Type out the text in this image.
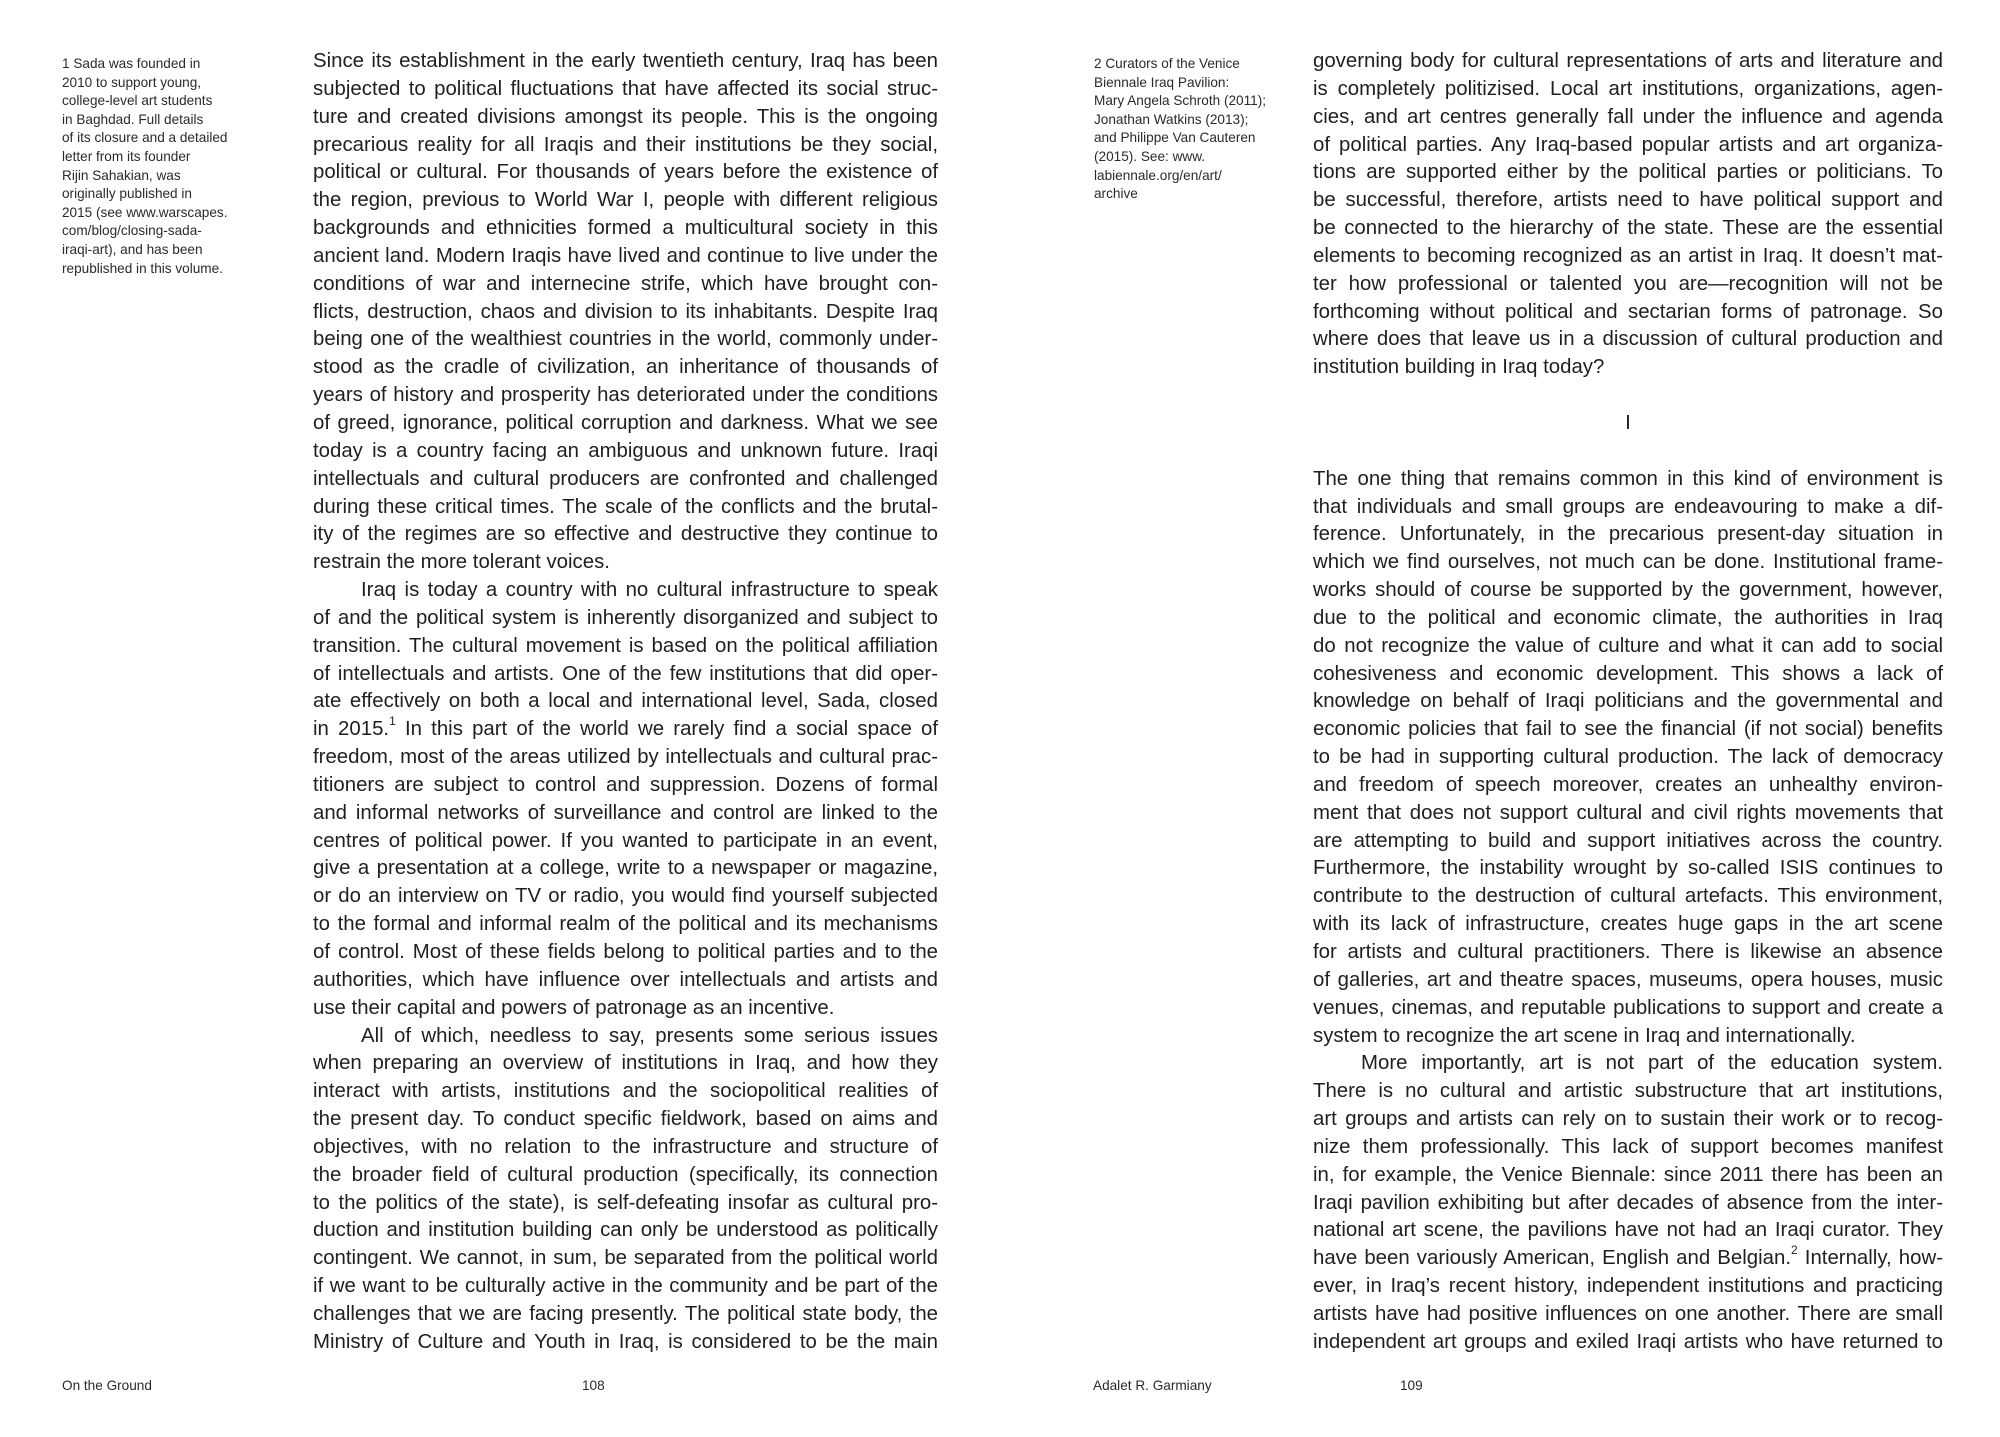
1 Sada was founded in
2010 to support young,
college-level art students
in Baghdad. Full details
of its closure and a detailed
letter from its founder
Rijin Sahakian, was
originally published in
2015 (see www.warscapes.
com/blog/closing-sada-
iraqi-art), and has been
republished in this volume.
Since its establishment in the early twentieth century, Iraq has been
subjected to political fluctuations that have affected its social struc-
ture and created divisions amongst its people. This is the ongoing
precarious reality for all Iraqis and their institutions be they social,
political or cultural. For thousands of years before the existence of
the region, previous to World War I, people with different religious
backgrounds and ethnicities formed a multicultural society in this
ancient land. Modern Iraqis have lived and continue to live under the
conditions of war and internecine strife, which have brought con-
flicts, destruction, chaos and division to its inhabitants. Despite Iraq
being one of the wealthiest countries in the world, commonly under-
stood as the cradle of civilization, an inheritance of thousands of
years of history and prosperity has deteriorated under the conditions
of greed, ignorance, political corruption and darkness. What we see
today is a country facing an ambiguous and unknown future. Iraqi
intellectuals and cultural producers are confronted and challenged
during these critical times. The scale of the conflicts and the brutal-
ity of the regimes are so effective and destructive they continue to
restrain the more tolerant voices.
Iraq is today a country with no cultural infrastructure to speak
of and the political system is inherently disorganized and subject to
transition. The cultural movement is based on the political affiliation
of intellectuals and artists. One of the few institutions that did oper-
ate effectively on both a local and international level, Sada, closed
in 2015.$^1$ In this part of the world we rarely find a social space of
freedom, most of the areas utilized by intellectuals and cultural prac-
titioners are subject to control and suppression. Dozens of formal
and informal networks of surveillance and control are linked to the
centres of political power. If you wanted to participate in an event,
give a presentation at a college, write to a newspaper or magazine,
or do an interview on TV or radio, you would find yourself subjected
to the formal and informal realm of the political and its mechanisms
of control. Most of these fields belong to political parties and to the
authorities, which have influence over intellectuals and artists and
use their capital and powers of patronage as an incentive.
All of which, needless to say, presents some serious issues
when preparing an overview of institutions in Iraq, and how they
interact with artists, institutions and the sociopolitical realities of
the present day. To conduct specific fieldwork, based on aims and
objectives, with no relation to the infrastructure and structure of
the broader field of cultural production (specifically, its connection
to the politics of the state), is self-defeating insofar as cultural pro-
duction and institution building can only be understood as politically
contingent. We cannot, in sum, be separated from the political world
if we want to be culturally active in the community and be part of the
challenges that we are facing presently. The political state body, the
Ministry of Culture and Youth in Iraq, is considered to be the main
On the Ground	108
2 Curators of the Venice
Biennale Iraq Pavilion:
Mary Angela Schroth (2011);
Jonathan Watkins (2013);
and Philippe Van Cauteren
(2015). See: www.
labiennale.org/en/art/
archive
governing body for cultural representations of arts and literature and
is completely politizised. Local art institutions, organizations, agen-
cies, and art centres generally fall under the influence and agenda
of political parties. Any Iraq-based popular artists and art organiza-
tions are supported either by the political parties or politicians. To
be successful, therefore, artists need to have political support and
be connected to the hierarchy of the state. These are the essential
elements to becoming recognized as an artist in Iraq. It doesn’t mat-
ter how professional or talented you are—recognition will not be
forthcoming without political and sectarian forms of patronage. So
where does that leave us in a discussion of cultural production and
institution building in Iraq today?
I
The one thing that remains common in this kind of environment is
that individuals and small groups are endeavouring to make a dif-
ference. Unfortunately, in the precarious present-day situation in
which we find ourselves, not much can be done. Institutional frame-
works should of course be supported by the government, however,
due to the political and economic climate, the authorities in Iraq
do not recognize the value of culture and what it can add to social
cohesiveness and economic development. This shows a lack of
knowledge on behalf of Iraqi politicians and the governmental and
economic policies that fail to see the financial (if not social) benefits
to be had in supporting cultural production. The lack of democracy
and freedom of speech moreover, creates an unhealthy environ-
ment that does not support cultural and civil rights movements that
are attempting to build and support initiatives across the country.
Furthermore, the instability wrought by so-called ISIS continues to
contribute to the destruction of cultural artefacts. This environment,
with its lack of infrastructure, creates huge gaps in the art scene
for artists and cultural practitioners. There is likewise an absence
of galleries, art and theatre spaces, museums, opera houses, music
venues, cinemas, and reputable publications to support and create a
system to recognize the art scene in Iraq and internationally.
More importantly, art is not part of the education system.
There is no cultural and artistic substructure that art institutions,
art groups and artists can rely on to sustain their work or to recog-
nize them professionally. This lack of support becomes manifest
in, for example, the Venice Biennale: since 2011 there has been an
Iraqi pavilion exhibiting but after decades of absence from the inter-
national art scene, the pavilions have not had an Iraqi curator. They
have been variously American, English and Belgian.$^2$ Internally, how-
ever, in Iraq’s recent history, independent institutions and practicing
artists have had positive influences on one another. There are small
independent art groups and exiled Iraqi artists who have returned to
Adalet R. Garmiany	109
